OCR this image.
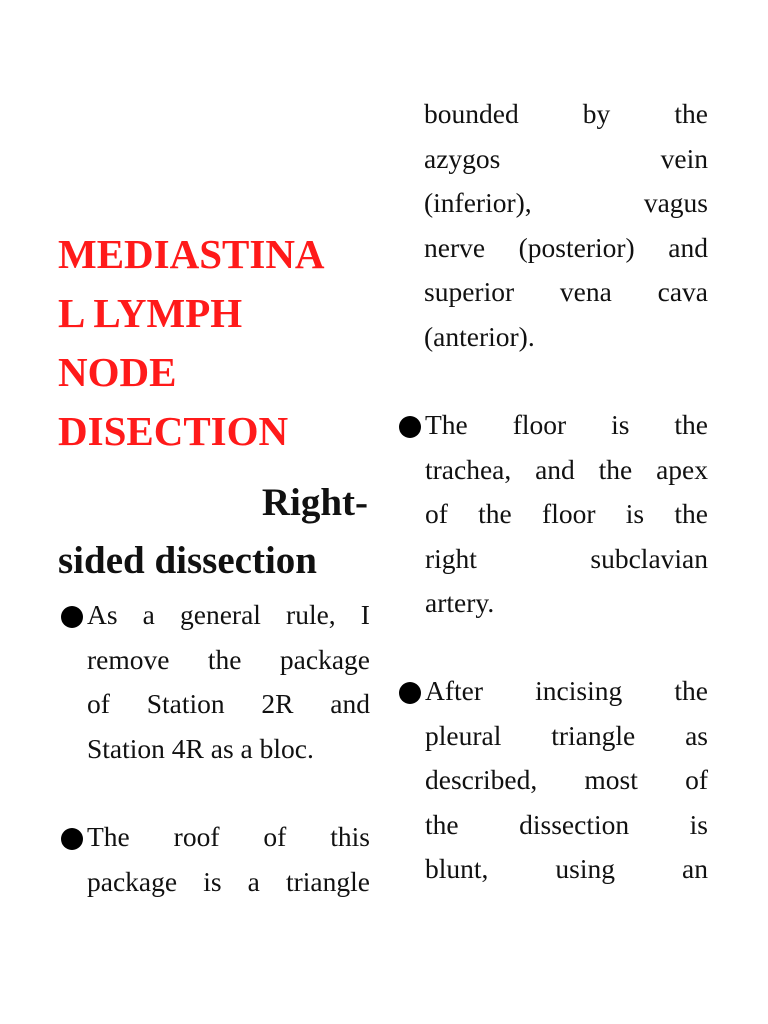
MEDIASTINA
L LYMPH
NODE
DISECTION
Right-
sided dissection
As a general rule, I
remove the package
of Station 2R and
Station 4R as a bloc.
The roof of this
package is a triangle
bounded by the
azygos	vein
(inferior),	vagus
nerve (posterior) and
superior vena cava
(anterior).
The floor is the
trachea, and the apex
of the floor is the
right	subclavian
artery.
After incising the
pleural triangle as
described, most of
the dissection is
blunt, using an
